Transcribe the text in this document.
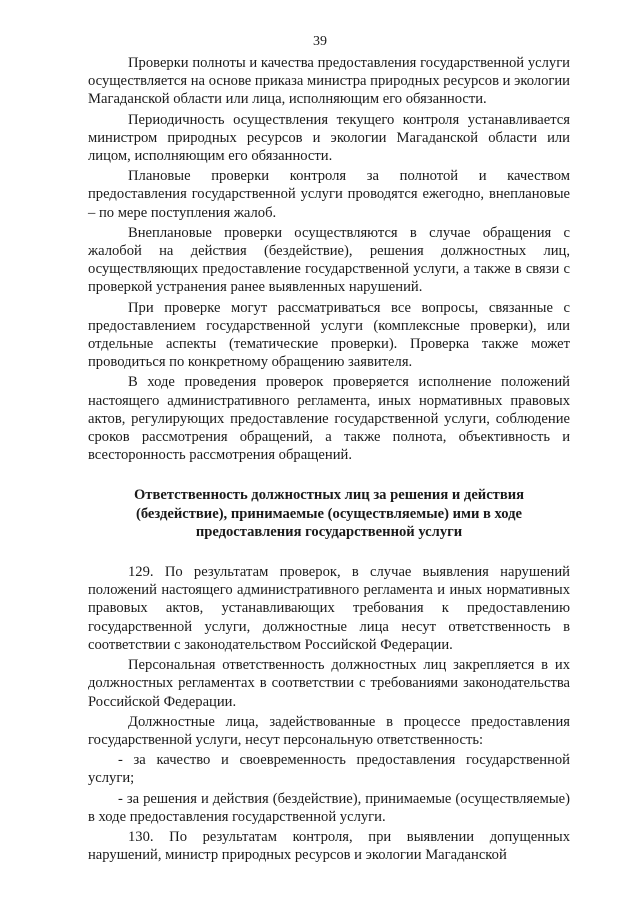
39

Проверки полноты и качества предоставления государственной услуги осуществляется на основе приказа министра природных ресурсов и экологии Магаданской области или лица, исполняющим его обязанности.

Периодичность осуществления текущего контроля устанавливается министром природных ресурсов и экологии Магаданской области или лицом, исполняющим его обязанности.

Плановые проверки контроля за полнотой и качеством предоставления государственной услуги проводятся ежегодно, внеплановые – по мере поступления жалоб.

Внеплановые проверки осуществляются в случае обращения с жалобой на действия (бездействие), решения должностных лиц, осуществляющих предоставление государственной услуги, а также в связи с проверкой устранения ранее выявленных нарушений.

При проверке могут рассматриваться все вопросы, связанные с предоставлением государственной услуги (комплексные проверки), или отдельные аспекты (тематические проверки). Проверка также может проводиться по конкретному обращению заявителя.

В ходе проведения проверок проверяется исполнение положений настоящего административного регламента, иных нормативных правовых актов, регулирующих предоставление государственной услуги, соблюдение сроков рассмотрения обращений, а также полнота, объективность и всесторонность рассмотрения обращений.

Ответственность должностных лиц за решения и действия (бездействие), принимаемые (осуществляемые) ими в ходе предоставления государственной услуги

129. По результатам проверок, в случае выявления нарушений положений настоящего административного регламента и иных нормативных правовых актов, устанавливающих требования к предоставлению государственной услуги, должностные лица несут ответственность в соответствии с законодательством Российской Федерации.

Персональная ответственность должностных лиц закрепляется в их должностных регламентах в соответствии с требованиями законодательства Российской Федерации.

Должностные лица, задействованные в процессе предоставления государственной услуги, несут персональную ответственность:

- за качество и своевременность предоставления государственной услуги;

- за решения и действия (бездействие), принимаемые (осуществляемые) в ходе предоставления государственной услуги.

130. По результатам контроля, при выявлении допущенных нарушений, министр природных ресурсов и экологии Магаданской
